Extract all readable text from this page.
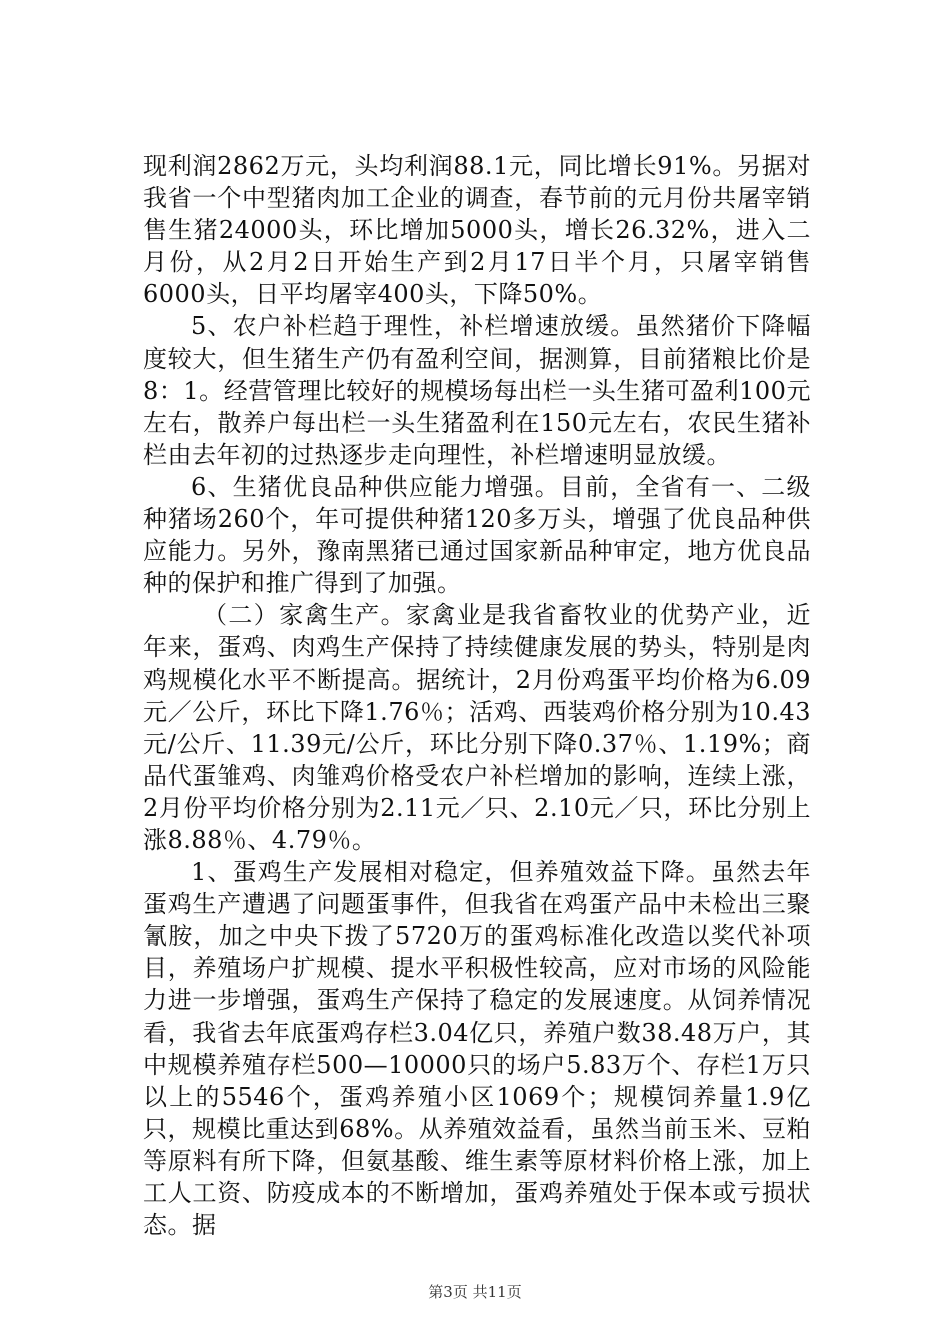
现利润2862万元，头均利润88.1元，同比增长91%。另据对我省一个中型猪肉加工企业的调查，春节前的元月份共屠宰销售生猪24000头，环比增加5000头，增长26.32%，进入二月份，从2月2日开始生产到2月17日半个月，只屠宰销售6000头，日平均屠宰400头，下降50%。

5、农户补栏趋于理性，补栏增速放缓。虽然猪价下降幅度较大，但生猪生产仍有盈利空间，据测算，目前猪粮比价是8：1。经营管理比较好的规模场每出栏一头生猪可盈利100元左右，散养户每出栏一头生猪盈利在150元左右，农民生猪补栏由去年初的过热逐步走向理性，补栏增速明显放缓。

6、生猪优良品种供应能力增强。目前，全省有一、二级种猪场260个，年可提供种猪120多万头，增强了优良品种供应能力。另外，豫南黑猪已通过国家新品种审定，地方优良品种的保护和推广得到了加强。

（二）家禽生产。家禽业是我省畜牧业的优势产业，近年来，蛋鸡、肉鸡生产保持了持续健康发展的势头，特别是肉鸡规模化水平不断提高。据统计，2月份鸡蛋平均价格为6.09元／公斤，环比下降1.76％；活鸡、西装鸡价格分别为10.43元/公斤、11.39元/公斤，环比分别下降0.37％、1.19%；商品代蛋雏鸡、肉雏鸡价格受农户补栏增加的影响，连续上涨，2月份平均价格分别为2.11元／只、2.10元／只，环比分别上涨8.88％、4.79％。

1、蛋鸡生产发展相对稳定，但养殖效益下降。虽然去年蛋鸡生产遭遇了问题蛋事件，但我省在鸡蛋产品中未检出三聚氰胺，加之中央下拨了5720万的蛋鸡标准化改造以奖代补项目，养殖场户扩规模、提水平积极性较高，应对市场的风险能力进一步增强，蛋鸡生产保持了稳定的发展速度。从饲养情况看，我省去年底蛋鸡存栏3.04亿只，养殖户数38.48万户，其中规模养殖存栏500—10000只的场户5.83万个、存栏1万只以上的5546个，蛋鸡养殖小区1069个；规模饲养量1.9亿只，规模比重达到68%。从养殖效益看，虽然当前玉米、豆粕等原料有所下降，但氨基酸、维生素等原材料价格上涨，加上工人工资、防疫成本的不断增加，蛋鸡养殖处于保本或亏损状态。据

第3页 共11页
